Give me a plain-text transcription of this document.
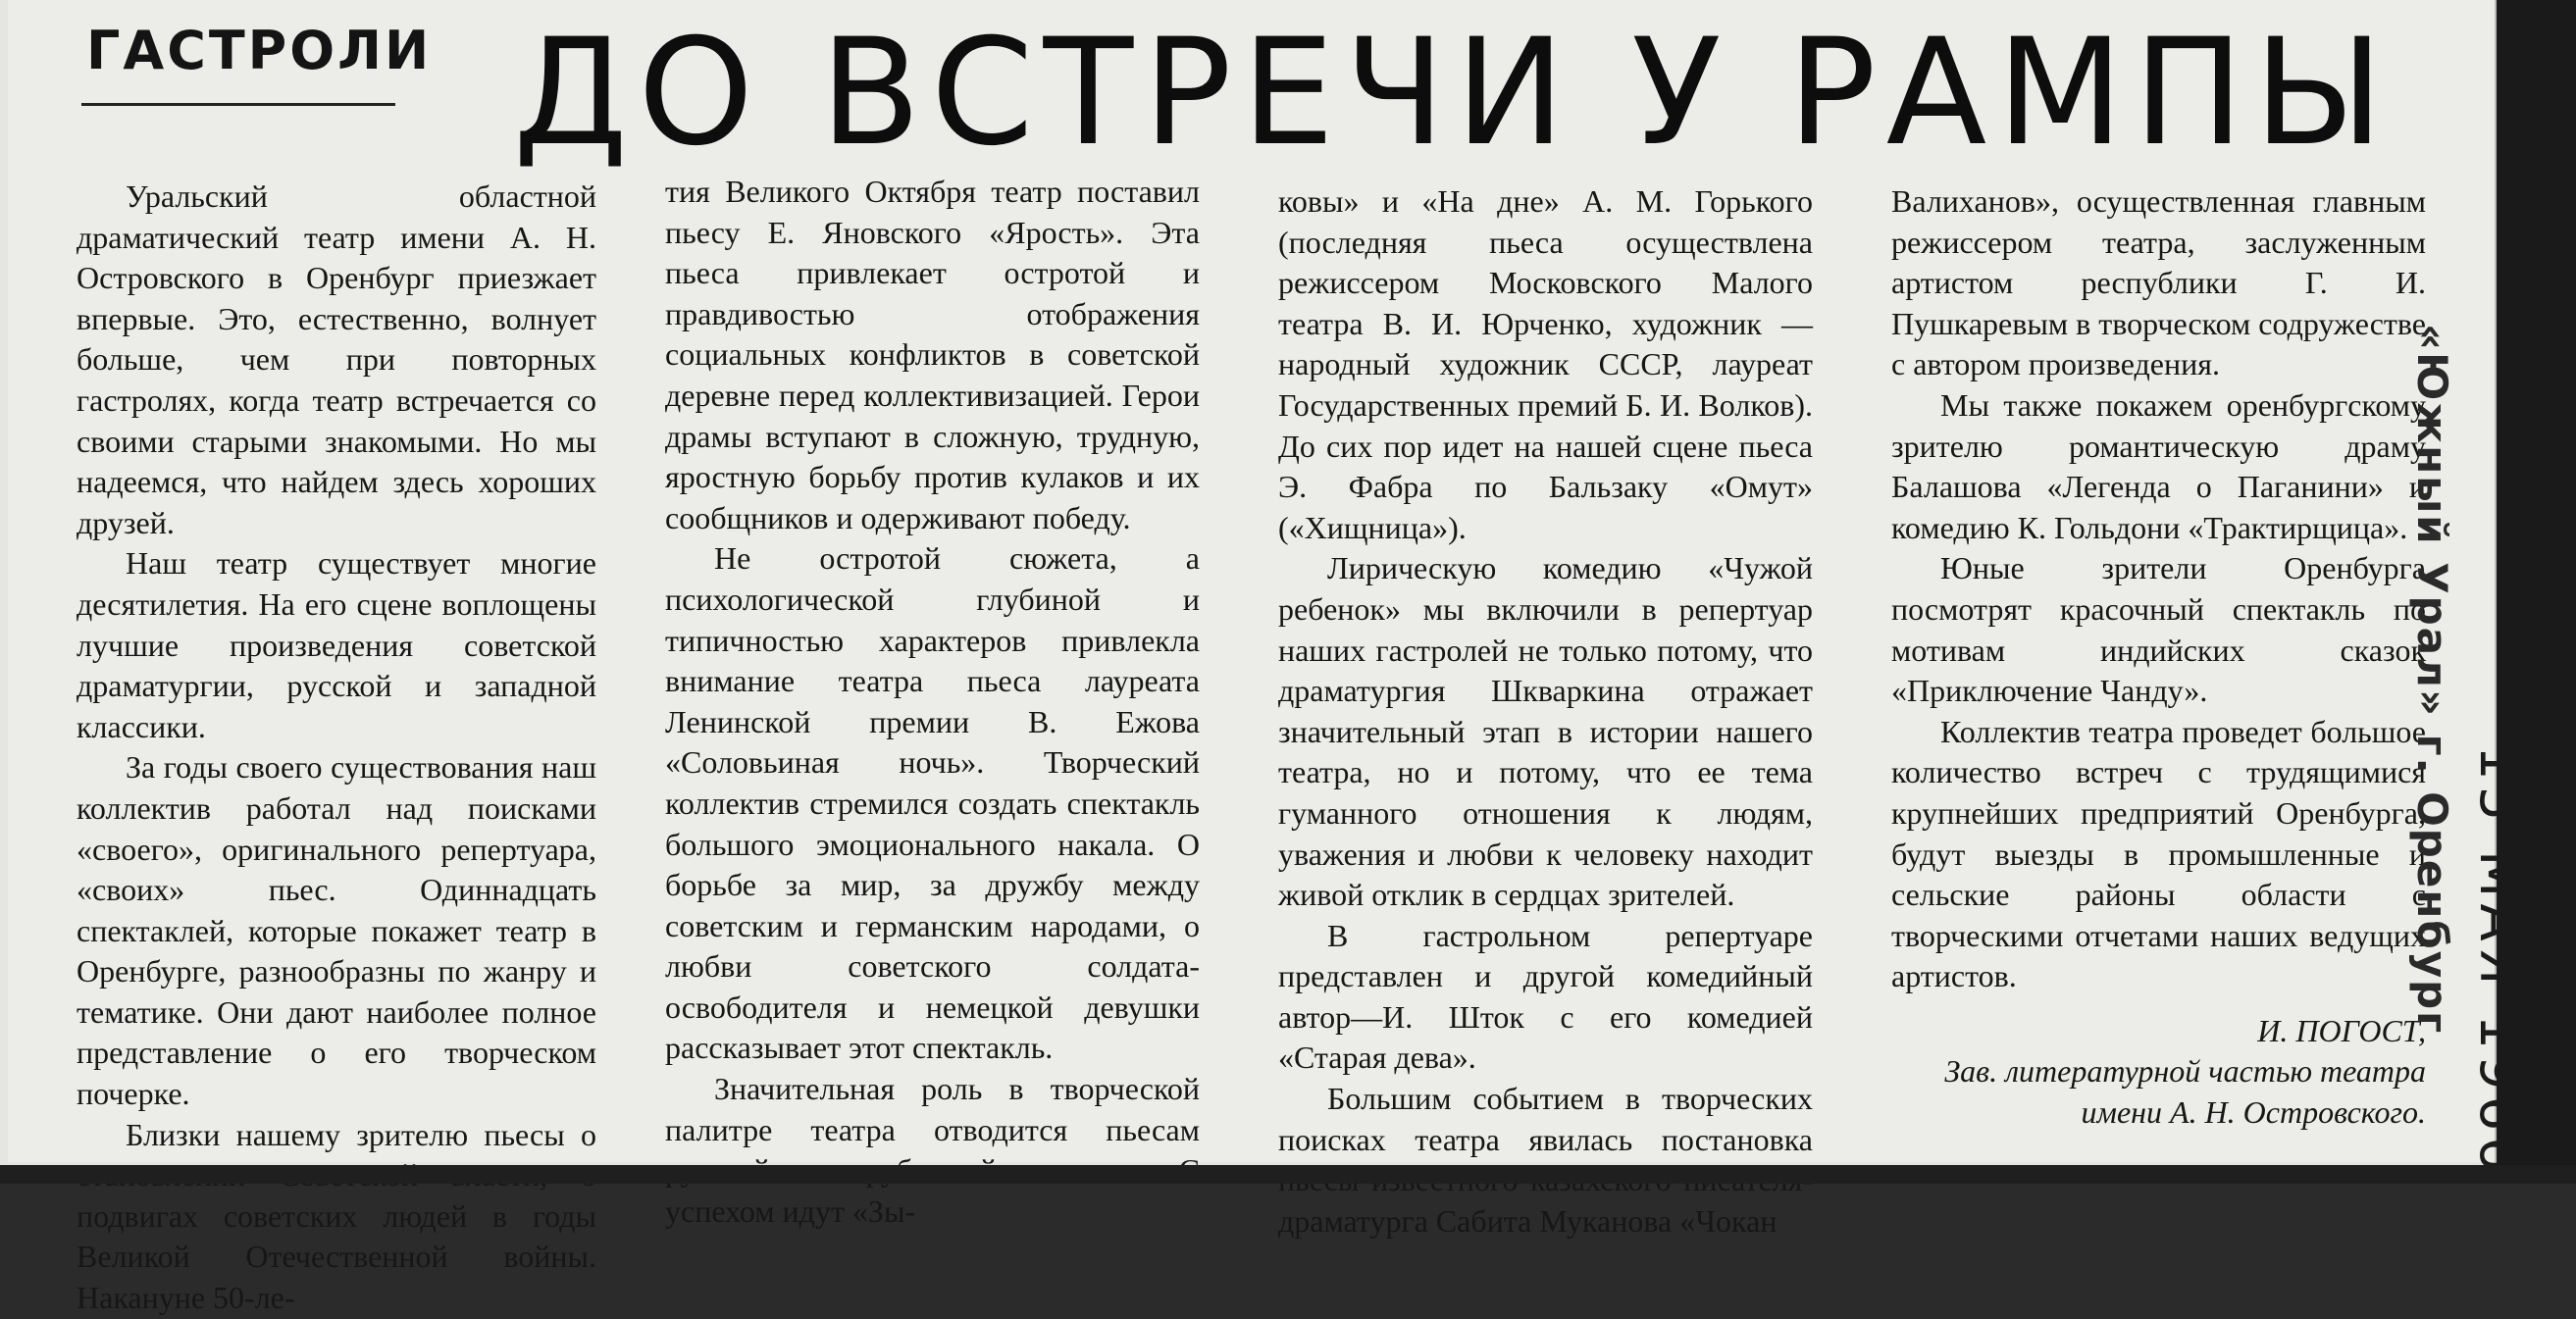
ГАСТРОЛИ ДО ВСТРЕЧИ У РАМПЫ

Уральский областной драматический театр имени А. Н. Островского в Оренбург приезжает впервые. Это, естественно, волнует больше, чем при повторных гастролях, когда театр встречается со своими старыми знакомыми. Но мы надеемся, что найдем здесь хороших друзей.

Наш театр существует многие десятилетия. На его сцене воплощены лучшие произведения советской драматургии, русской и западной классики.

За годы своего существования наш коллектив работал над поисками «своего», оригинального репертуара, «своих» пьес. Одиннадцать спектаклей, которые покажет театр в Оренбурге, разнообразны по жанру и тематике. Они дают наиболее полное представление о его творческом почерке.

Близки нашему зрителю пьесы о подвигах советских людей в годы Великой Отечественной войны. Накануне 50-ле-

тия Великого Октября театр поставил пьесу Е. Яновского «Ярость». Эта пьеса привлекает остротой и правдивостью отображения социальных конфликтов в советской деревне перед коллективизацией. Герои драмы вступают в сложную, трудную, яростную борьбу против кулаков и их сообщников и одерживают победу.

Не остротой сюжета, а психологической глубиной и типичностью характеров привлекла внимание театра пьеса лауреата Ленинской премии В. Ежова «Соловьиная ночь». Творческий коллектив стремился создать спектакль большого эмоционального накала. О борьбе за мир, за дружбу между советским и германским народами, о любви советского солдата-освободителя и немецкой девушки рассказывает этот спектакль.

Значительная роль в творческой палитре театра отводится пьесам успехом идут «Зы-

ковы» и «На дне» А. М. Горького (последняя пьеса осуществлена режиссером Московского Малого театра В. И. Юрченко, художник — народный художник СССР, лауреат Государственных премий Б. И. Волков). До сих пор идет на нашей сцене пьеса Э. Фабра по Бальзаку «Омут» («Хищница»).

Лирическую комедию «Чужой ребенок» мы включили в репертуар наших гастролей не только потому, что драматургия Шкваркина отражает значительный этап в истории нашего театра, но и потому, что ее тема гуманного отношения к людям, уважения и любви к человеку находит живой отклик в сердцах зрителей.

В гастрольном репертуаре представлен и другой комедийный автор—И. Шток с его комедией «Старая дева».

Большим событием в творческих поисках театра явилась постановка драматурга Сабита Муканова «Чокан

Валиханов», осуществленная главным режиссером театра, заслуженным артистом республики Г. И. Пушкаревым в творческом содружестве с автором произведения.

Мы также покажем оренбургскому зрителю романтическую драму Балашова «Легенда о Паганини» и комедию К. Гольдони «Трактирщица».

Юные зрители Оренбурга посмотрят красочный спектакль по мотивам индийских сказок «Приключение Чанду».

Коллектив театра проведет большое количество встреч с трудящимися крупнейших предприятий Оренбурга, будут выезды в промышленные и сельские районы области с творческими отчетами наших ведущих артистов.

И. ПОГОСТ,
Зав. литературной частью театра имени А. Н. Островского.
«Южный Урал» г. Оренбург
